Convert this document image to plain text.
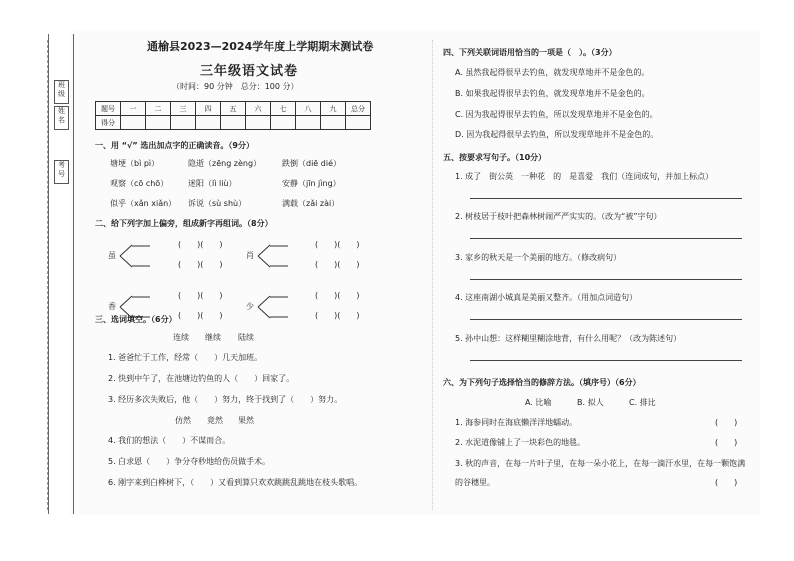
班级
姓名
考号
通榆县2023—2024学年度上学期期末测试卷
三年级语文试卷
（时间：90 分钟　总分：100 分）
题号	一	二	三	四	五	六	七	八	九	总分
得分										
一、用 “√” 选出加点字的正确读音。（9分）
塘埂（bì pì）	隐逝（zēng zèng）	跌倒（diē dié）
观察（cō chō） 迷阳（lì liù）	安静（jīn jìng）
似乎（xǎn xiǎn） 诉说（sù shù）	满载（zǎi zài）
二、给下列字加上偏旁，组成新字再组词。（8分）
虽	肖
香	少
(　　)(　　)
(　　)(　　)
(　　)(　　)
(　　)(　　)
(　　)(　　)
(　　)(　　)
(　　)(　　)
(　　)(　　)
三、选词填空。（6分）
连续 继续 陆续
1. 爸爸忙于工作，经常（　　）几天加班。
2. 快到中午了，在池塘边钓鱼的人（　　）回家了。
3. 经历多次失败后，他（　　）努力，终于找到了（　　）努力。
仿然 竟然 果然
4. 我们的想法（　　）不谋而合。
5. 白求恩（　　）争分夺秒地给伤员做手术。
6. 刚字来到白桦树下，（　　）又看到算只欢欢跳跳乱跳地在枝头歌唱。
四、下列关联词语用恰当的一项是（　）。（3分）
A. 虽然我起得很早去钓鱼，就发现草地并不是金色的。
B. 如果我起得很早去钓鱼，就发现草地并不是金色的。
C. 因为我起得很早去钓鱼，所以发现草地并不是金色的。
D. 因为我起得很早去钓鱼，所以发现草地并不是金色的。
五、按要求写句子。（10分）
1. 成了　街公英　一种花　的　是喜爱　我们（连词成句，并加上标点）
2. 树枝居于枝叶把森林树闹严严实实的。（改为“被”字句）
3. 家乡的秋天是一个美丽的地方。（修改病句）
4. 这座南湖小城真是美丽又整齐。（用加点词造句）
5. 孙中山想：这样糊里糊涂地背，有什么用呢？（改为陈述句）
六、为下列句子选择恰当的修辞方法。（填序号）（6分）
A. 比喻	B. 拟人	C. 排比
1. 海参同时在海底懒洋洋地蠕动。	(　　)
2. 水泥道像铺上了一块彩色的地毯。	(　　)
3. 秋的声音，在每一片叶子里，在每一朵小花上，在每一滴汗水里，在每一颗饱满
的谷穗里。	(　　)
